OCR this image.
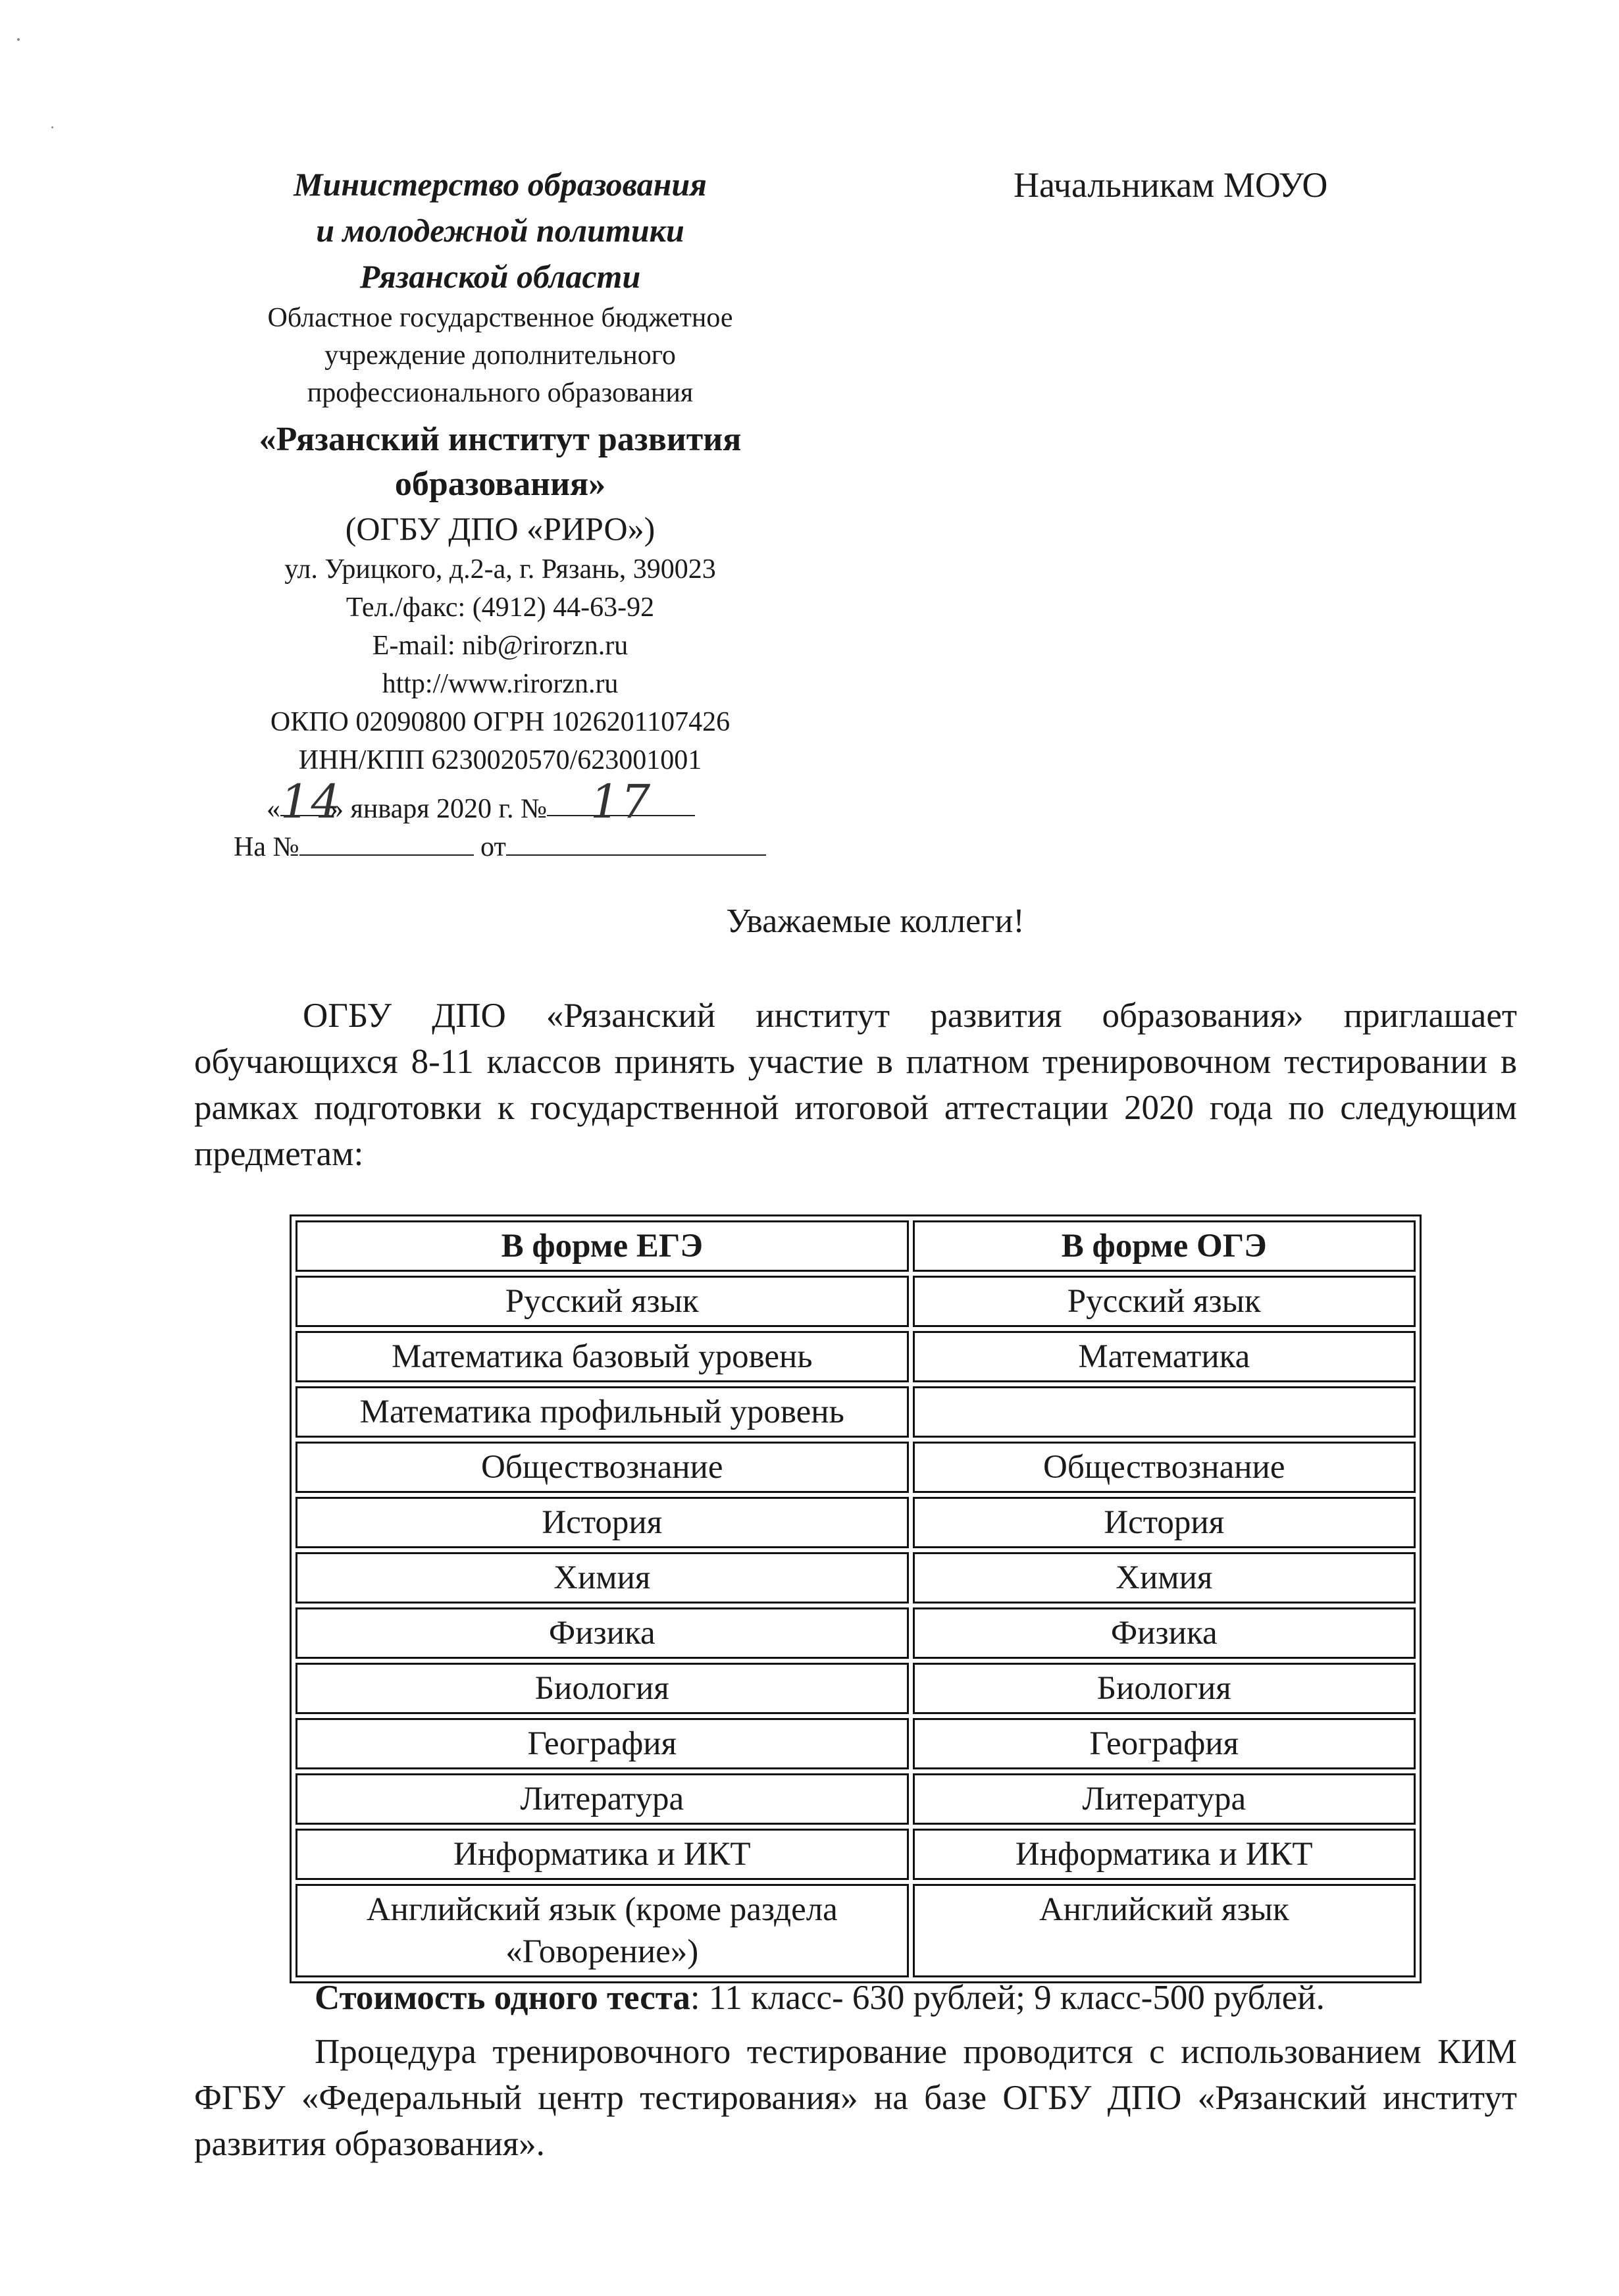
Министерство образования
и молодежной политики
Рязанской области
Областное государственное бюджетное
учреждение дополнительного
профессионального образования
«Рязанский институт развития
образования»
(ОГБУ ДПО «РИРО»)
ул. Урицкого, д.2-а, г. Рязань, 390023
Тел./факс: (4912) 44-63-92
E-mail: nib@rirorzn.ru
http://www.rirorzn.ru
ОКПО 02090800 ОГРН 1026201107426
ИНН/КПП 6230020570/623001001
«14» января 2020 г. № 17
На №	от
Начальникам МОУО
Уважаемые коллеги!
ОГБУ ДПО «Рязанский институт развития образования» приглашает обучающихся 8-11 классов принять участие в платном тренировочном тестировании в рамках подготовки к государственной итоговой аттестации 2020 года по следующим предметам:
В форме ЕГЭ	В форме ОГЭ
Русский язык	Русский язык
Математика базовый уровень	Математика
Математика профильный уровень	
Обществознание	Обществознание
История	История
Химия	Химия
Физика	Физика
Биология	Биология
География	География
Литература	Литература
Информатика и ИКТ	Информатика и ИКТ
Английский язык (кроме раздела «Говорение»)	Английский язык
Стоимость одного теста: 11 класс- 630 рублей; 9 класс-500 рублей.
Процедура тренировочного тестирование проводится с использованием КИМ ФГБУ «Федеральный центр тестирования» на базе ОГБУ ДПО «Рязанский институт развития образования».
